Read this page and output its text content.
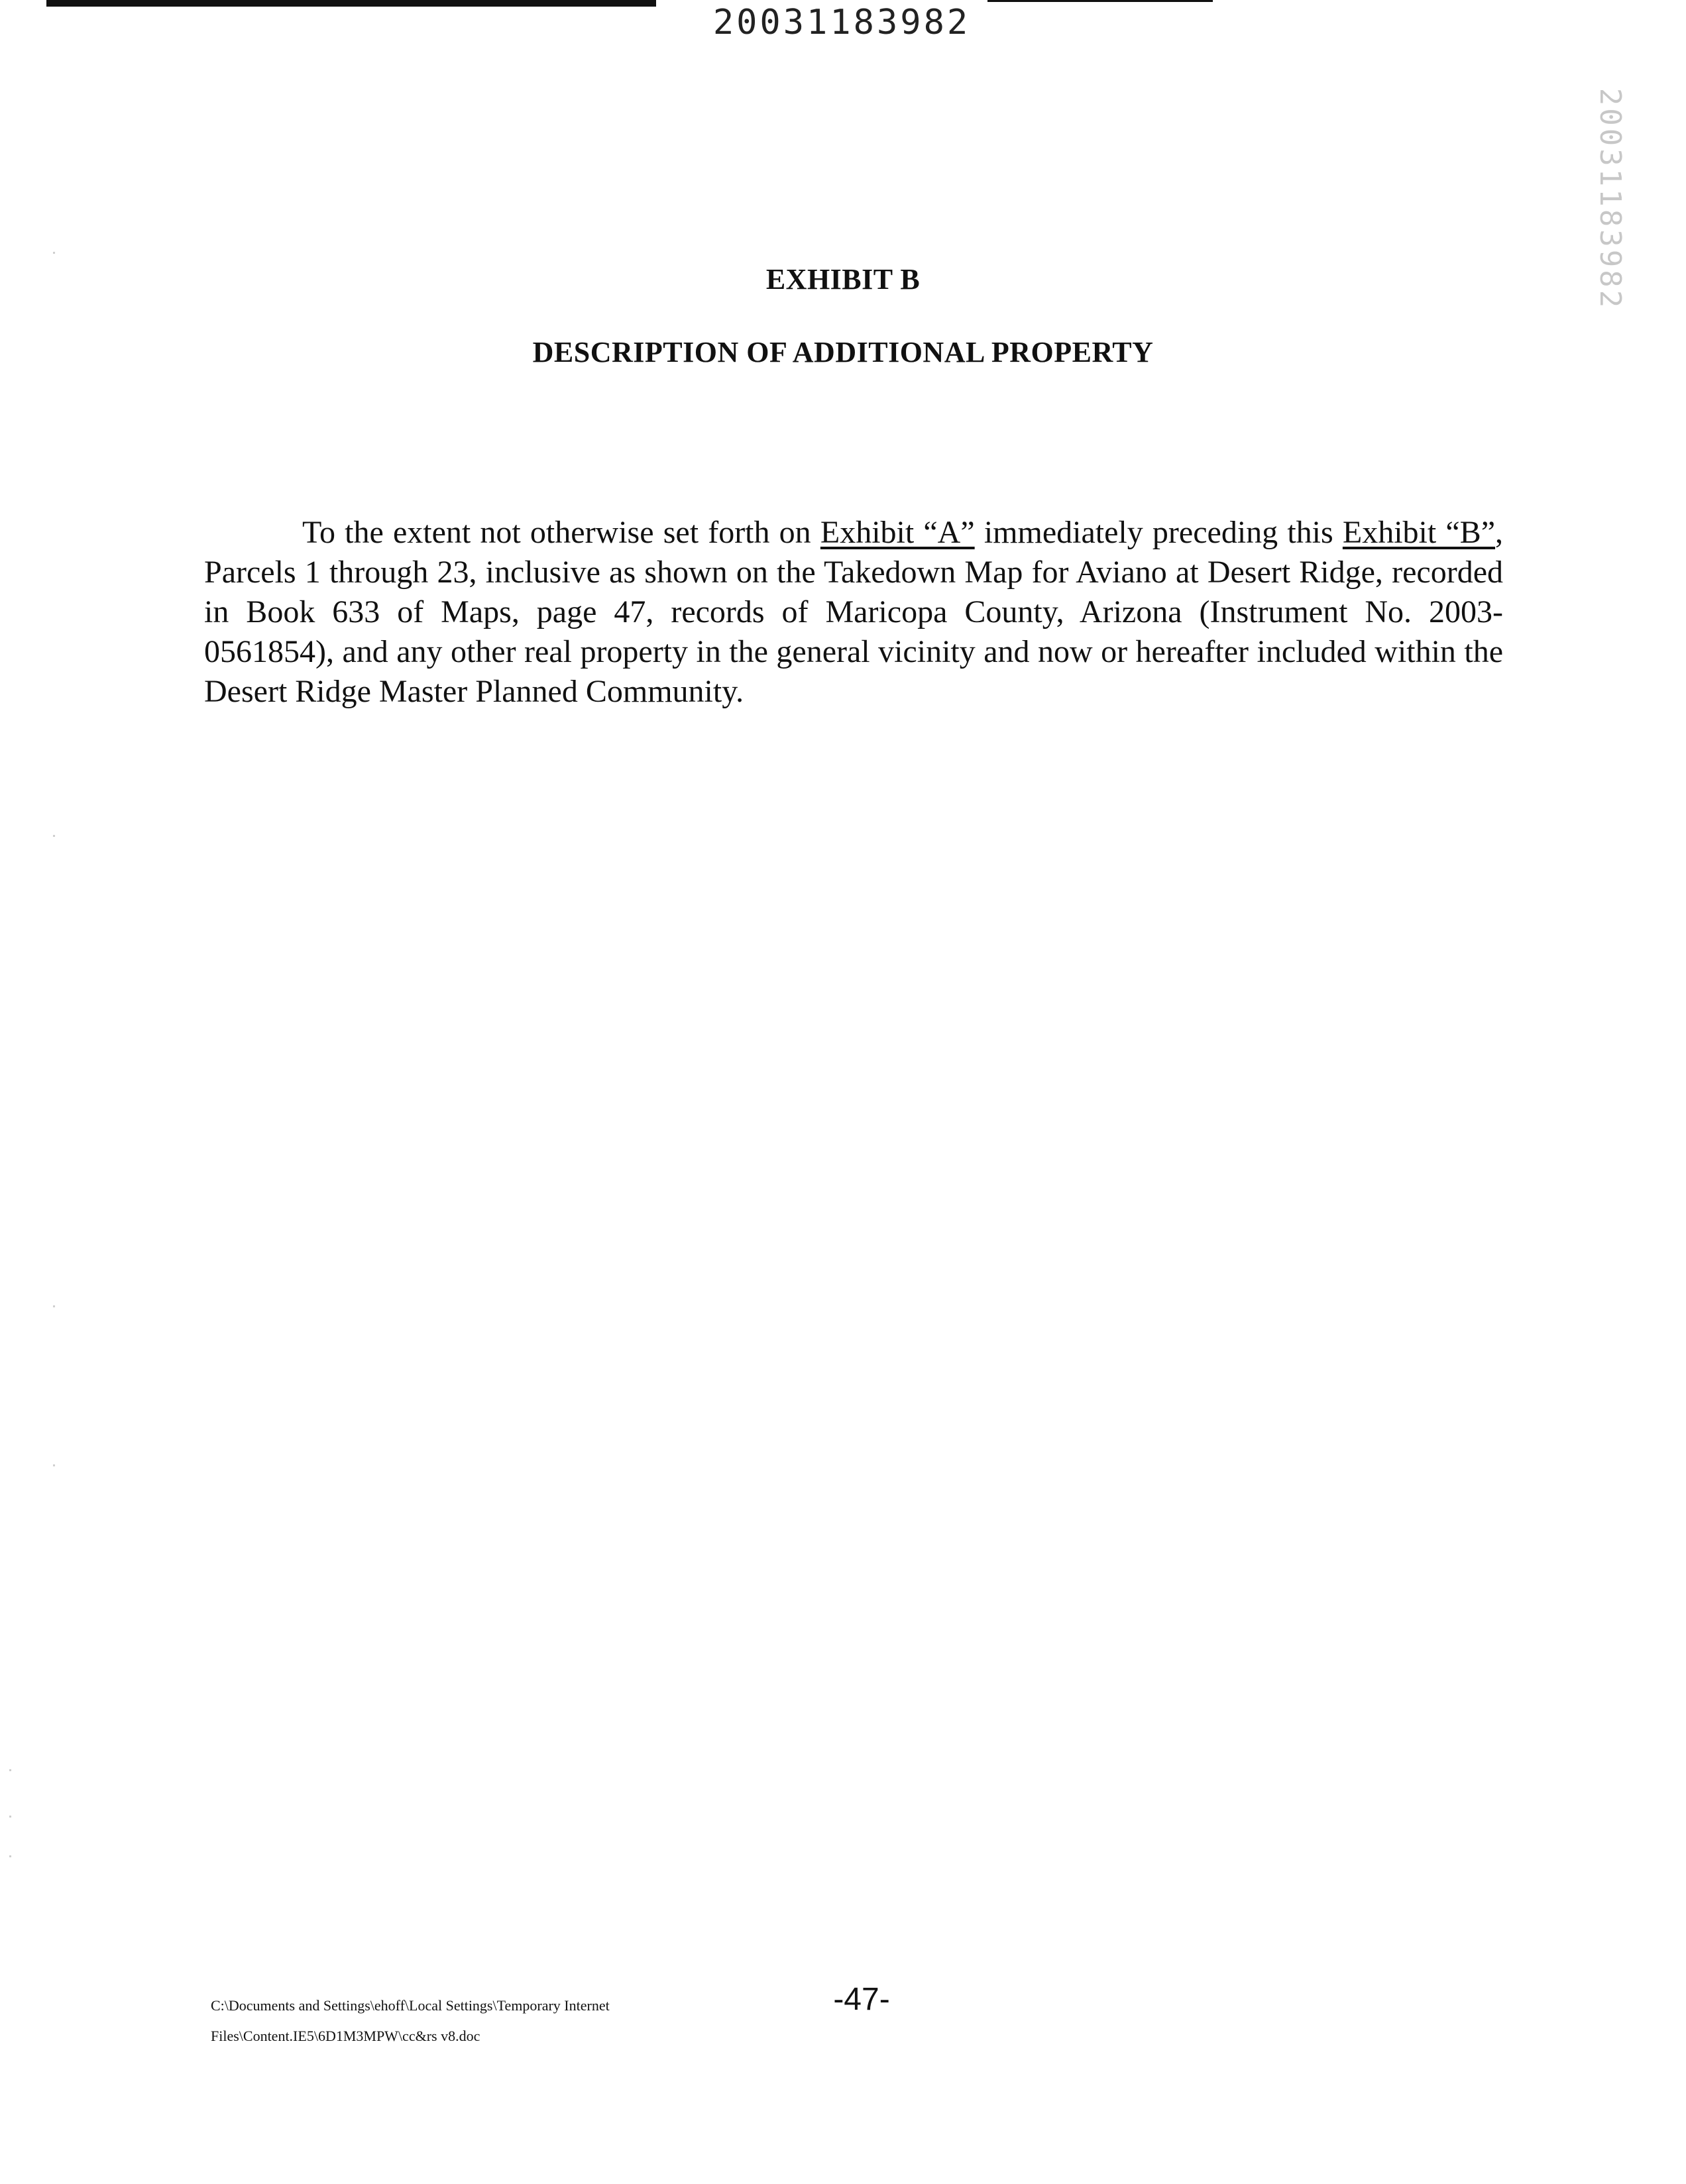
20031183982
20031183982
EXHIBIT B
DESCRIPTION OF ADDITIONAL PROPERTY

To the extent not otherwise set forth on Exhibit “A” immediately preceding this Exhibit “B”, Parcels 1 through 23, inclusive as shown on the Takedown Map for Aviano at Desert Ridge, recorded in Book 633 of Maps, page 47, records of Maricopa County, Arizona (Instrument No. 2003-0561854), and any other real property in the general vicinity and now or hereafter included within the Desert Ridge Master Planned Community.

C:\Documents and Settings\ehoff\Local Settings\Temporary Internet
Files\Content.IE5\6D1M3MPW\cc&rs v8.doc
-47-
